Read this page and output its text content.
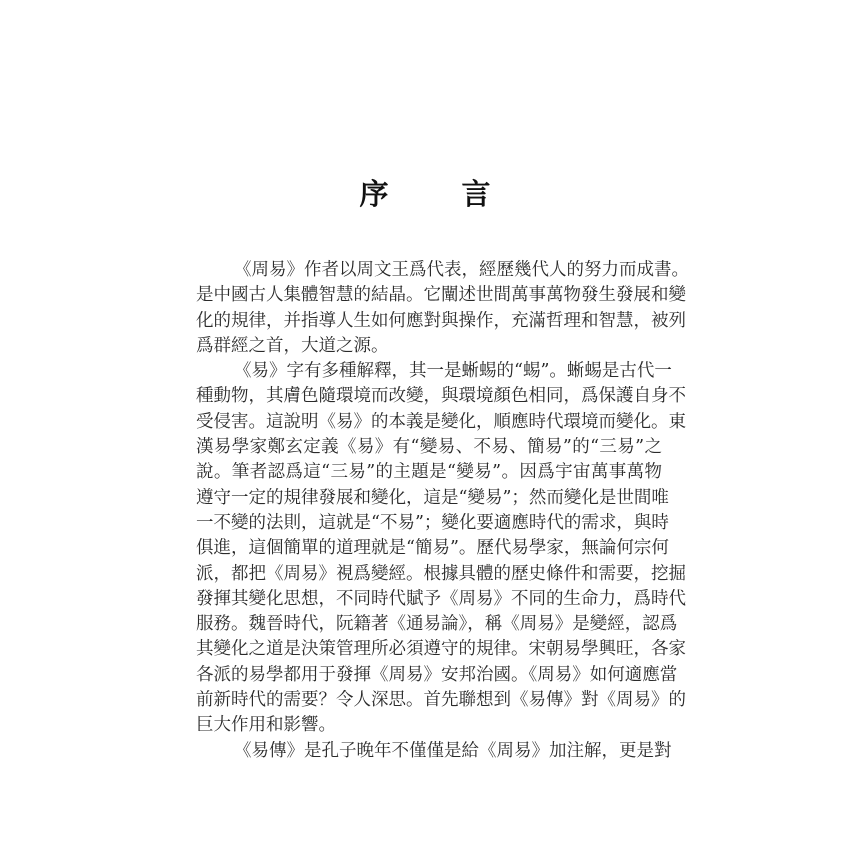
序　言
《周易》作者以周文王爲代表，經歷幾代人的努力而成書。
是中國古人集體智慧的結晶。它闡述世間萬事萬物發生發展和變
化的規律，并指導人生如何應對與操作，充滿哲理和智慧，被列
爲群經之首，大道之源。
《易》字有多種解釋，其一是蜥蜴的“蜴”。蜥蜴是古代一
種動物，其膚色隨環境而改變，與環境顏色相同，爲保護自身不
受侵害。這說明《易》的本義是變化，順應時代環境而變化。東
漢易學家鄭玄定義《易》有“變易、不易、簡易”的“三易”之
說。筆者認爲這“三易”的主題是“變易”。因爲宇宙萬事萬物
遵守一定的規律發展和變化，這是“變易”；然而變化是世間唯
一不變的法則，這就是“不易”；變化要適應時代的需求，與時
俱進，這個簡單的道理就是“簡易”。歷代易學家，無論何宗何
派，都把《周易》視爲變經。根據具體的歷史條件和需要，挖掘
發揮其變化思想，不同時代賦予《周易》不同的生命力，爲時代
服務。魏晉時代，阮籍著《通易論》，稱《周易》是變經，認爲
其變化之道是決策管理所必須遵守的規律。宋朝易學興旺，各家
各派的易學都用于發揮《周易》安邦治國。《周易》如何適應當
前新時代的需要？令人深思。首先聯想到《易傳》對《周易》的
巨大作用和影響。
《易傳》是孔子晚年不僅僅是給《周易》加注解，更是對
